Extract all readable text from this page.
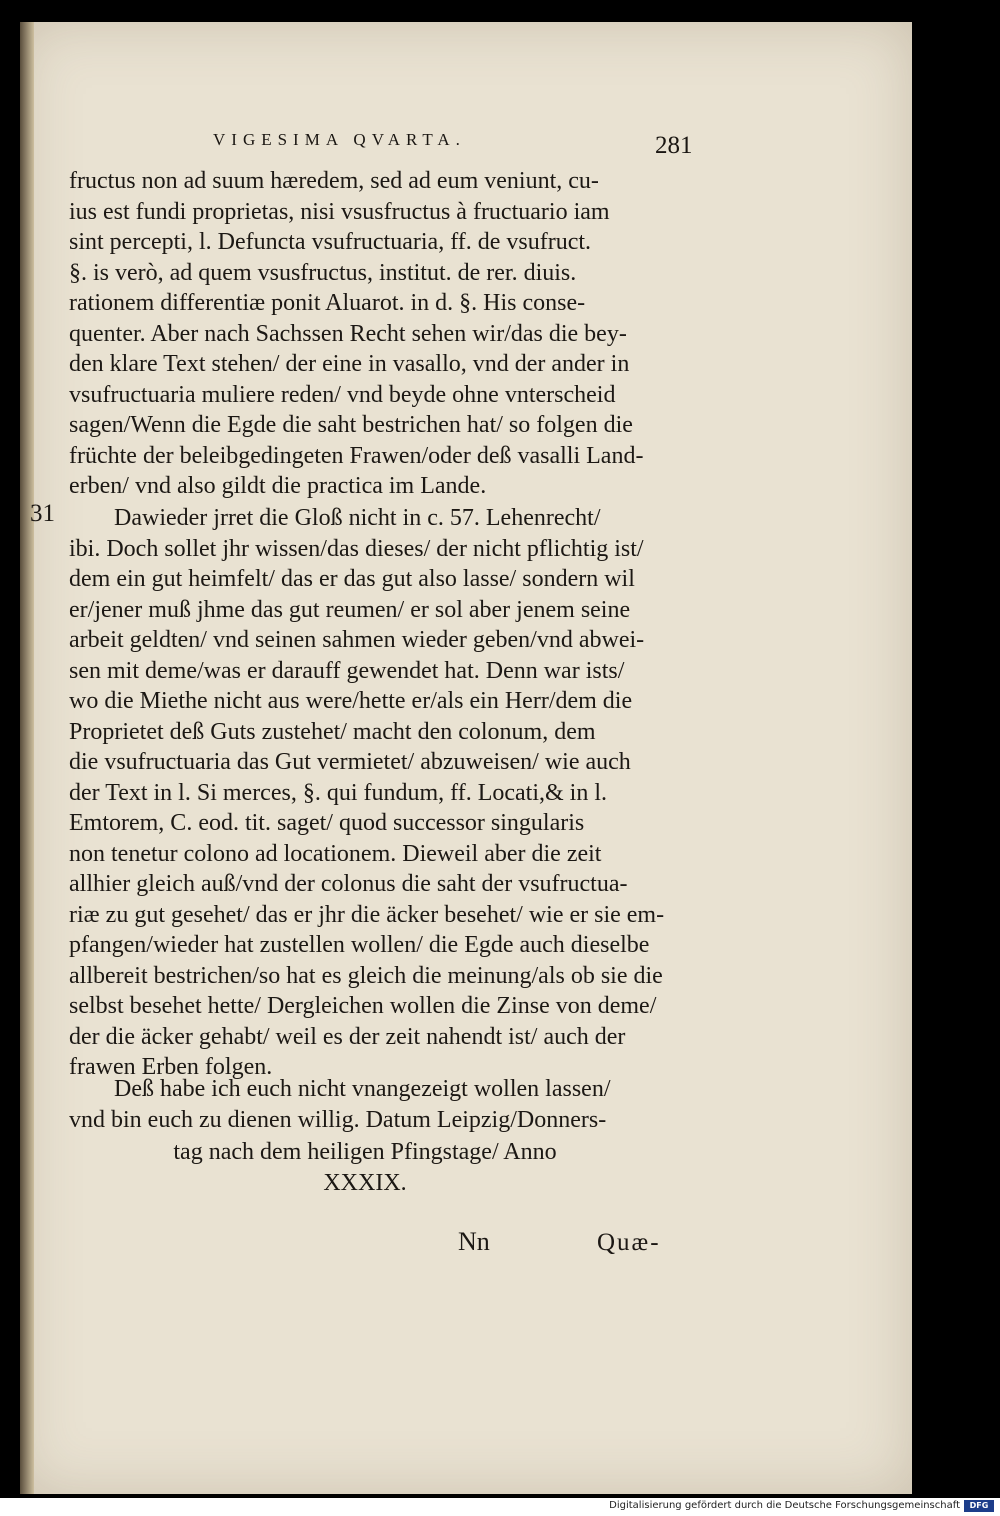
VIGESIMA QVARTA.	281
fructus non ad suum hæredem, sed ad eum veniunt, cu-
ius est fundi proprietas, nisi vsusfructus à fructuario iam
sint percepti, l. Defuncta vsufructuaria, ff. de vsufruct.
§. is verò, ad quem vsusfructus, institut. de rer. diuis.
rationem differentiæ ponit Aluarot. in d. §. His conse-
quenter. Aber nach Sachssen Recht sehen wir/das die bey-
den klare Text stehen/ der eine in vasallo, vnd der ander in
vsufructuaria muliere reden/ vnd beyde ohne vnterscheid
sagen/Wenn die Egde die saht bestrichen hat/ so folgen die
früchte der beleibgedingeten Frawen/oder deß vasalli Land-
erben/ vnd also gildt die practica im Lande.
31 Dawieder jrret die Gloß nicht in c. 57. Lehenrecht/
ibi. Doch sollet jhr wissen/das dieses/ der nicht pflichtig ist/
dem ein gut heimfelt/ das er das gut also lasse/ sondern wil
er/jener muß jhme das gut reumen/ er sol aber jenem seine
arbeit geldten/ vnd seinen sahmen wieder geben/vnd abwei-
sen mit deme/was er darauff gewendet hat. Denn war ists/
wo die Miethe nicht aus were/hette er/als ein Herr/dem die
Proprietet deß Guts zustehet/ macht den colonum, dem
die vsufructuaria das Gut vermietet/ abzuweisen/ wie auch
der Text in l. Si merces, §. qui fundum, ff. Locati,& in l.
Emtorem, C. eod. tit. saget/ quod successor singularis
non tenetur colono ad locationem. Dieweil aber die zeit
allhier gleich auß/vnd der colonus die saht der vsufructua-
riæ zu gut gesehet/ das er jhr die äcker besehet/ wie er sie em-
pfangen/wieder hat zustellen wollen/ die Egde auch dieselbe
allbereit bestrichen/so hat es gleich die meinung/als ob sie die
selbst besehet hette/ Dergleichen wollen die Zinse von deme/
der die äcker gehabt/ weil es der zeit nahendt ist/ auch der
frawen Erben folgen.
Deß habe ich euch nicht vnangezeigt wollen lassen/
vnd bin euch zu dienen willig. Datum Leipzig/Donners-
tag nach dem heiligen Pfingstage/ Anno
XXXIX.
Nn	Quæ-
Digitalisierung gefördert durch die Deutsche Forschungsgemeinschaft	DFG
